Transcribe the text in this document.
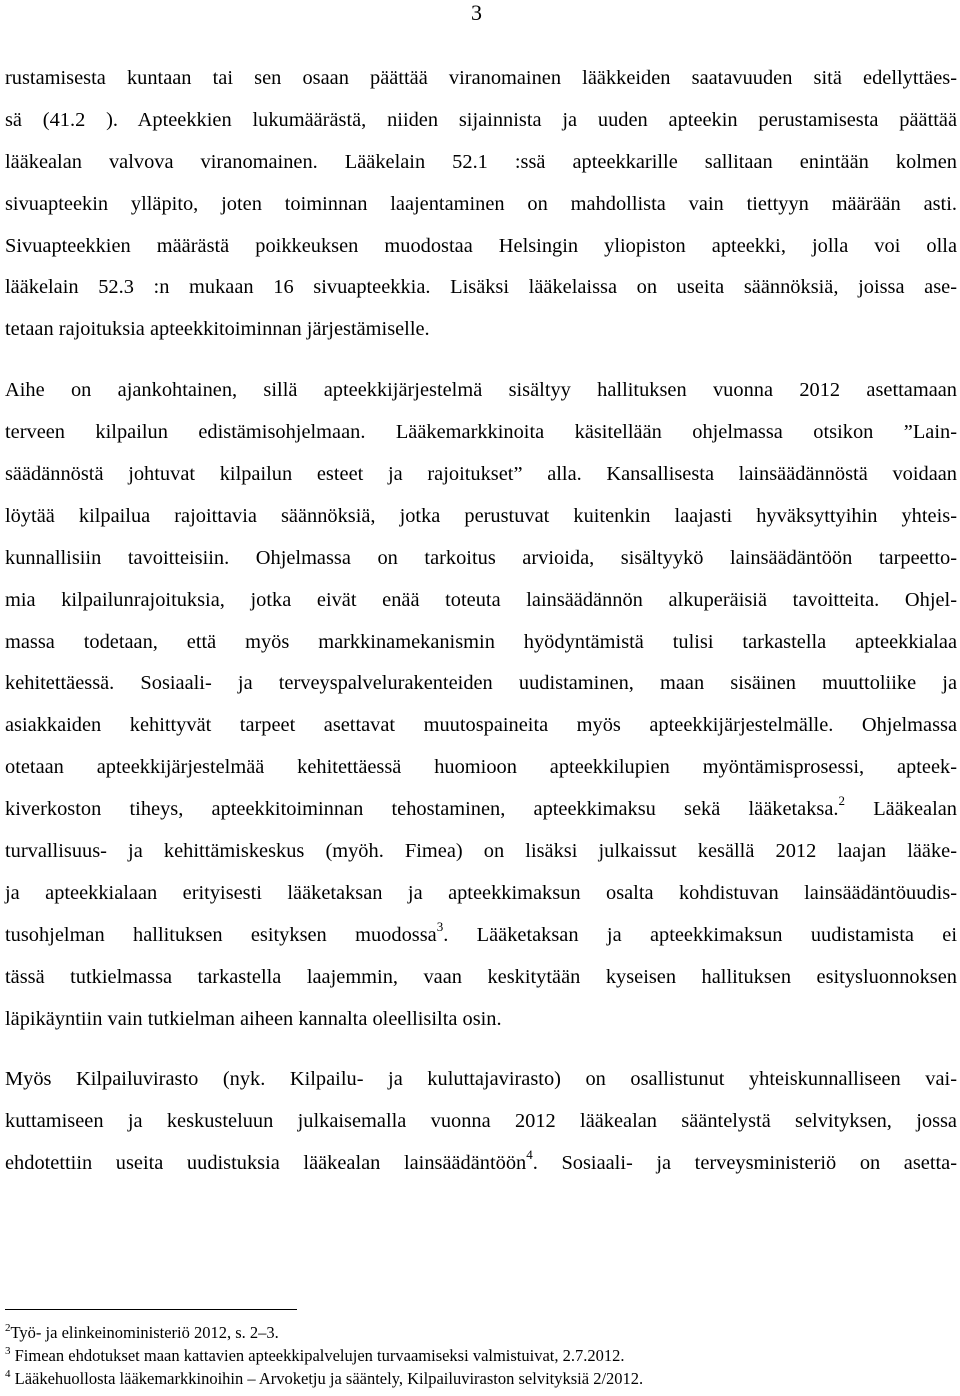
3
rustamisesta kuntaan tai sen osaan päättää viranomainen lääkkeiden saatavuuden sitä edellyttäes-
sä (41.2 ). Apteekkien lukumäärästä, niiden sijainnista ja uuden apteekin perustamisesta päättää
lääkealan valvova viranomainen. Lääkelain 52.1 :ssä apteekkarille sallitaan enintään kolmen
sivuapteekin ylläpito, joten toiminnan laajentaminen on mahdollista vain tiettyyn määrään asti.
Sivuapteekkien määrästä poikkeuksen muodostaa Helsingin yliopiston apteekki, jolla voi olla
lääkelain 52.3 :n mukaan 16 sivuapteekkia. Lisäksi lääkelaissa on useita säännöksiä, joissa ase-
tetaan rajoituksia apteekkitoiminnan järjestämiselle.
Aihe on ajankohtainen, sillä apteekkijärjestelmä sisältyy hallituksen vuonna 2012 asettamaan
terveen kilpailun edistämisohjelmaan. Lääkemarkkinoita käsitellään ohjelmassa otsikon ”Lain-
säädännöstä johtuvat kilpailun esteet ja rajoitukset” alla. Kansallisesta lainsäädännöstä voidaan
löytää kilpailua rajoittavia säännöksiä, jotka perustuvat kuitenkin laajasti hyväksyttyihin yhteis-
kunnallisiin tavoitteisiin. Ohjelmassa on tarkoitus arvioida, sisältyykö lainsäädäntöön tarpeetto-
mia kilpailunrajoituksia, jotka eivät enää toteuta lainsäädännön alkuperäisiä tavoitteita. Ohjel-
massa todetaan, että myös markkinamekanismin hyödyntämistä tulisi tarkastella apteekkialaa
kehitettäessä. Sosiaali- ja terveyspalvelurakenteiden uudistaminen, maan sisäinen muuttoliike ja
asiakkaiden kehittyvät tarpeet asettavat muutospaineita myös apteekkijärjestelmälle. Ohjelmassa
otetaan apteekkijärjestelmää kehitettäessä huomioon apteekkilupien myöntämisprosessi, apteek-
kiverkoston tiheys, apteekkitoiminnan tehostaminen, apteekkimaksu sekä lääketaksa.$^2$ Lääkealan
turvallisuus- ja kehittämiskeskus (myöh. Fimea) on lisäksi julkaissut kesällä 2012 laajan lääke-
ja apteekkialaan erityisesti lääketaksan ja apteekkimaksun osalta kohdistuvan lainsäädäntöuudis-
tusohjelman hallituksen esityksen muodossa$^3$. Lääketaksan ja apteekkimaksun uudistamista ei
tässä tutkielmassa tarkastella laajemmin, vaan keskitytään kyseisen hallituksen esitysluonnoksen
läpikäyntiin vain tutkielman aiheen kannalta oleellisilta osin.
Myös Kilpailuvirasto (nyk. Kilpailu- ja kuluttajavirasto) on osallistunut yhteiskunnalliseen vai-
kuttamiseen ja keskusteluun julkaisemalla vuonna 2012 lääkealan sääntelystä selvityksen, jossa
ehdotettiin useita uudistuksia lääkealan lainsäädäntöön$^4$. Sosiaali- ja terveysministeriö on asetta-
$^2$Työ- ja elinkeinoministeriö 2012, s. 2–3.
$^3$ Fimean ehdotukset maan kattavien apteekkipalvelujen turvaamiseksi valmistuivat, 2.7.2012.
$^4$ Lääkehuollosta lääkemarkkinoihin – Arvoketju ja sääntely, Kilpailuviraston selvityksiä 2/2012.
